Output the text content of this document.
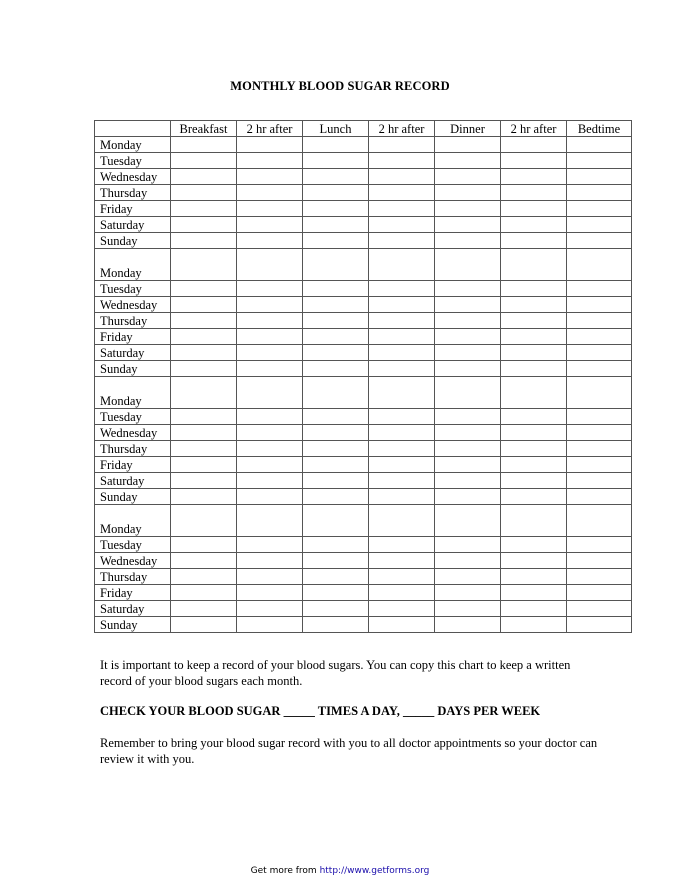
MONTHLY BLOOD SUGAR RECORD
	Breakfast	2 hr after	Lunch	2 hr after	Dinner	2 hr after	Bedtime
Monday							
Tuesday							
Wednesday							
Thursday							
Friday							
Saturday							
Sunday							
Monday							
Tuesday							
Wednesday							
Thursday							
Friday							
Saturday							
Sunday							
Monday							
Tuesday							
Wednesday							
Thursday							
Friday							
Saturday							
Sunday							
Monday							
Tuesday							
Wednesday							
Thursday							
Friday							
Saturday							
Sunday							
It is important to keep a record of your blood sugars. You can copy this chart to keep a written record of your blood sugars each month.
CHECK YOUR BLOOD SUGAR _____ TIMES A DAY, _____ DAYS PER WEEK
Remember to bring your blood sugar record with you to all doctor appointments so your doctor can review it with you.
Get more from http://www.getforms.org
